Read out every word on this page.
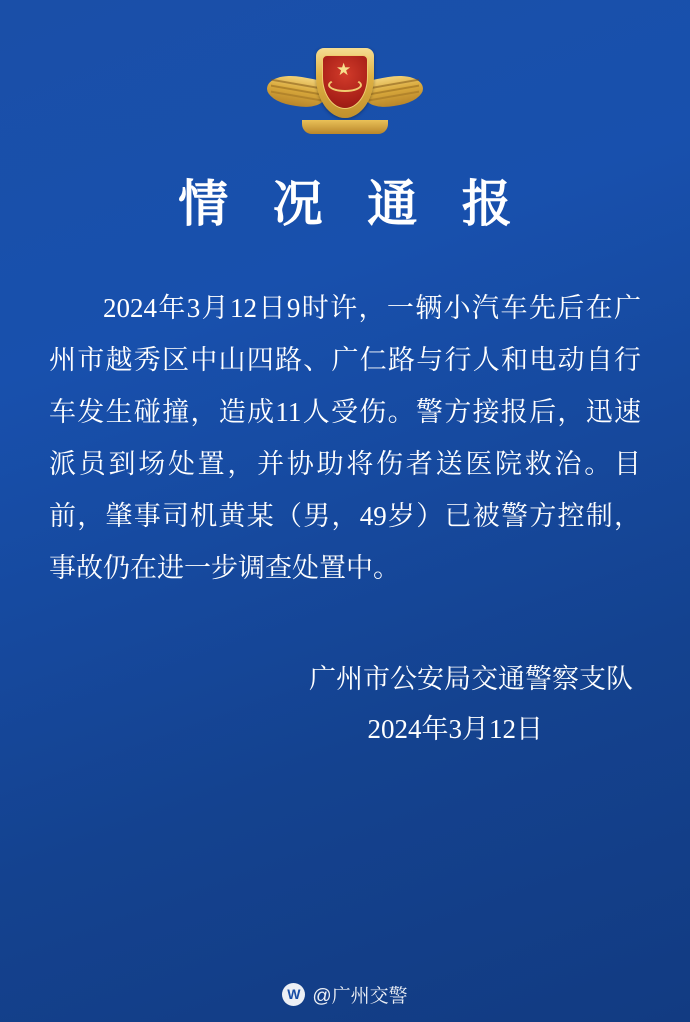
情 况 通 报
2024年3月12日9时许，一辆小汽车先后在广州市越秀区中山四路、广仁路与行人和电动自行车发生碰撞，造成11人受伤。警方接报后，迅速派员到场处置，并协助将伤者送医院救治。目前，肇事司机黄某（男，49岁）已被警方控制，事故仍在进一步调查处置中。
广州市公安局交通警察支队
2024年3月12日
W @广州交警
